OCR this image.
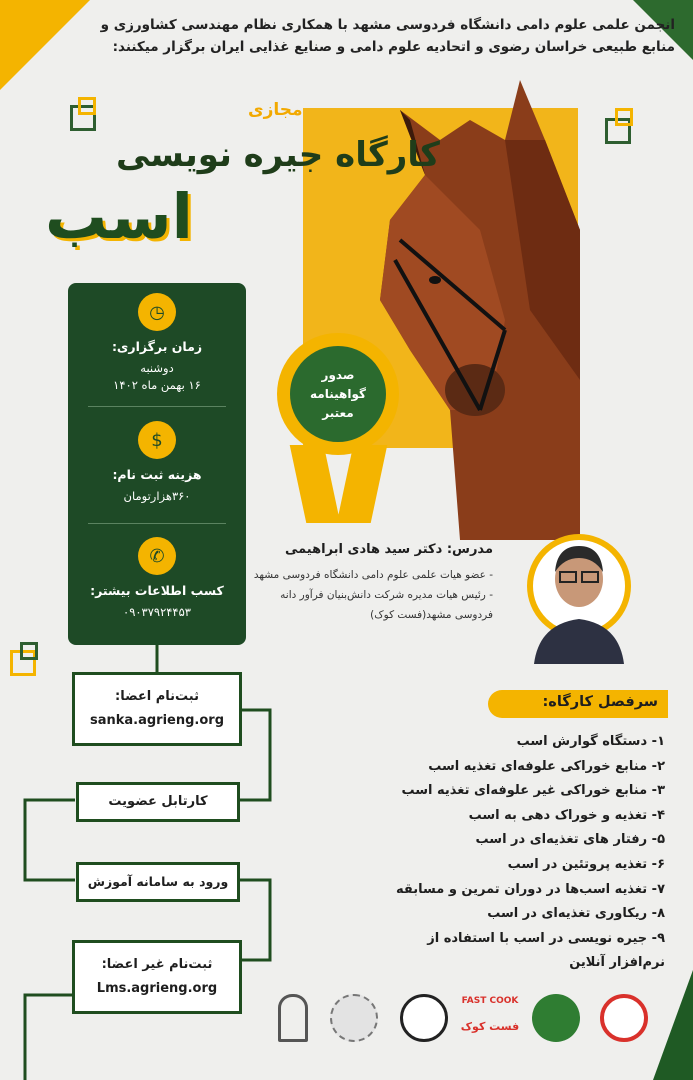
انجمن علمی علوم دامی دانشگاه فردوسی مشهد با همکاری نظام مهندسی کشاورزی و
منابع طبیعی خراسان رضوی و اتحادیه علوم دامی و صنایع غذایی ایران برگزار میکنند:
مجازی
کارگاه جیره نویسی
اسب
◷
زمان برگزاری:
دوشنبه
۱۶ بهمن ماه ۱۴۰۲
$
هزینه ثبت نام:
۳۶۰هزارتومان
✆
کسب اطلاعات بیشتر:
۰۹۰۳۷۹۲۴۴۵۳
صدور
گواهینامه
معتبر
مدرس: دکتر سید هادی ابراهیمی
- عضو هیات علمی علوم دامی دانشگاه فردوسی مشهد
- رئیس هیات مدیره شرکت دانش‌بنیان فرآور دانه
فردوسی مشهد(فست کوک)
سرفصل کارگاه:
۱- دستگاه گوارش اسب
۲- منابع خوراکی علوفه‌ای تغذیه اسب
۳- منابع خوراکی غیر علوفه‌ای تغذیه اسب
۴- تغذیه و خوراک دهی به اسب
۵- رفتار های تغذیه‌ای در اسب
۶- تغذیه پروتئین در اسب
۷- تغذیه اسب‌ها در دوران تمرین و مسابقه
۸- ریکاوری تغذیه‌ای در اسب
۹- جیره نویسی در اسب با استفاده از
نرم‌افزار آنلاین
ثبت‌نام اعضا:
sanka.agrieng.org
کارتابل عضویت
ورود به سامانه آموزش
ثبت‌نام غیر اعضا:
Lms.agrieng.org
FAST COOK
فست کوک
